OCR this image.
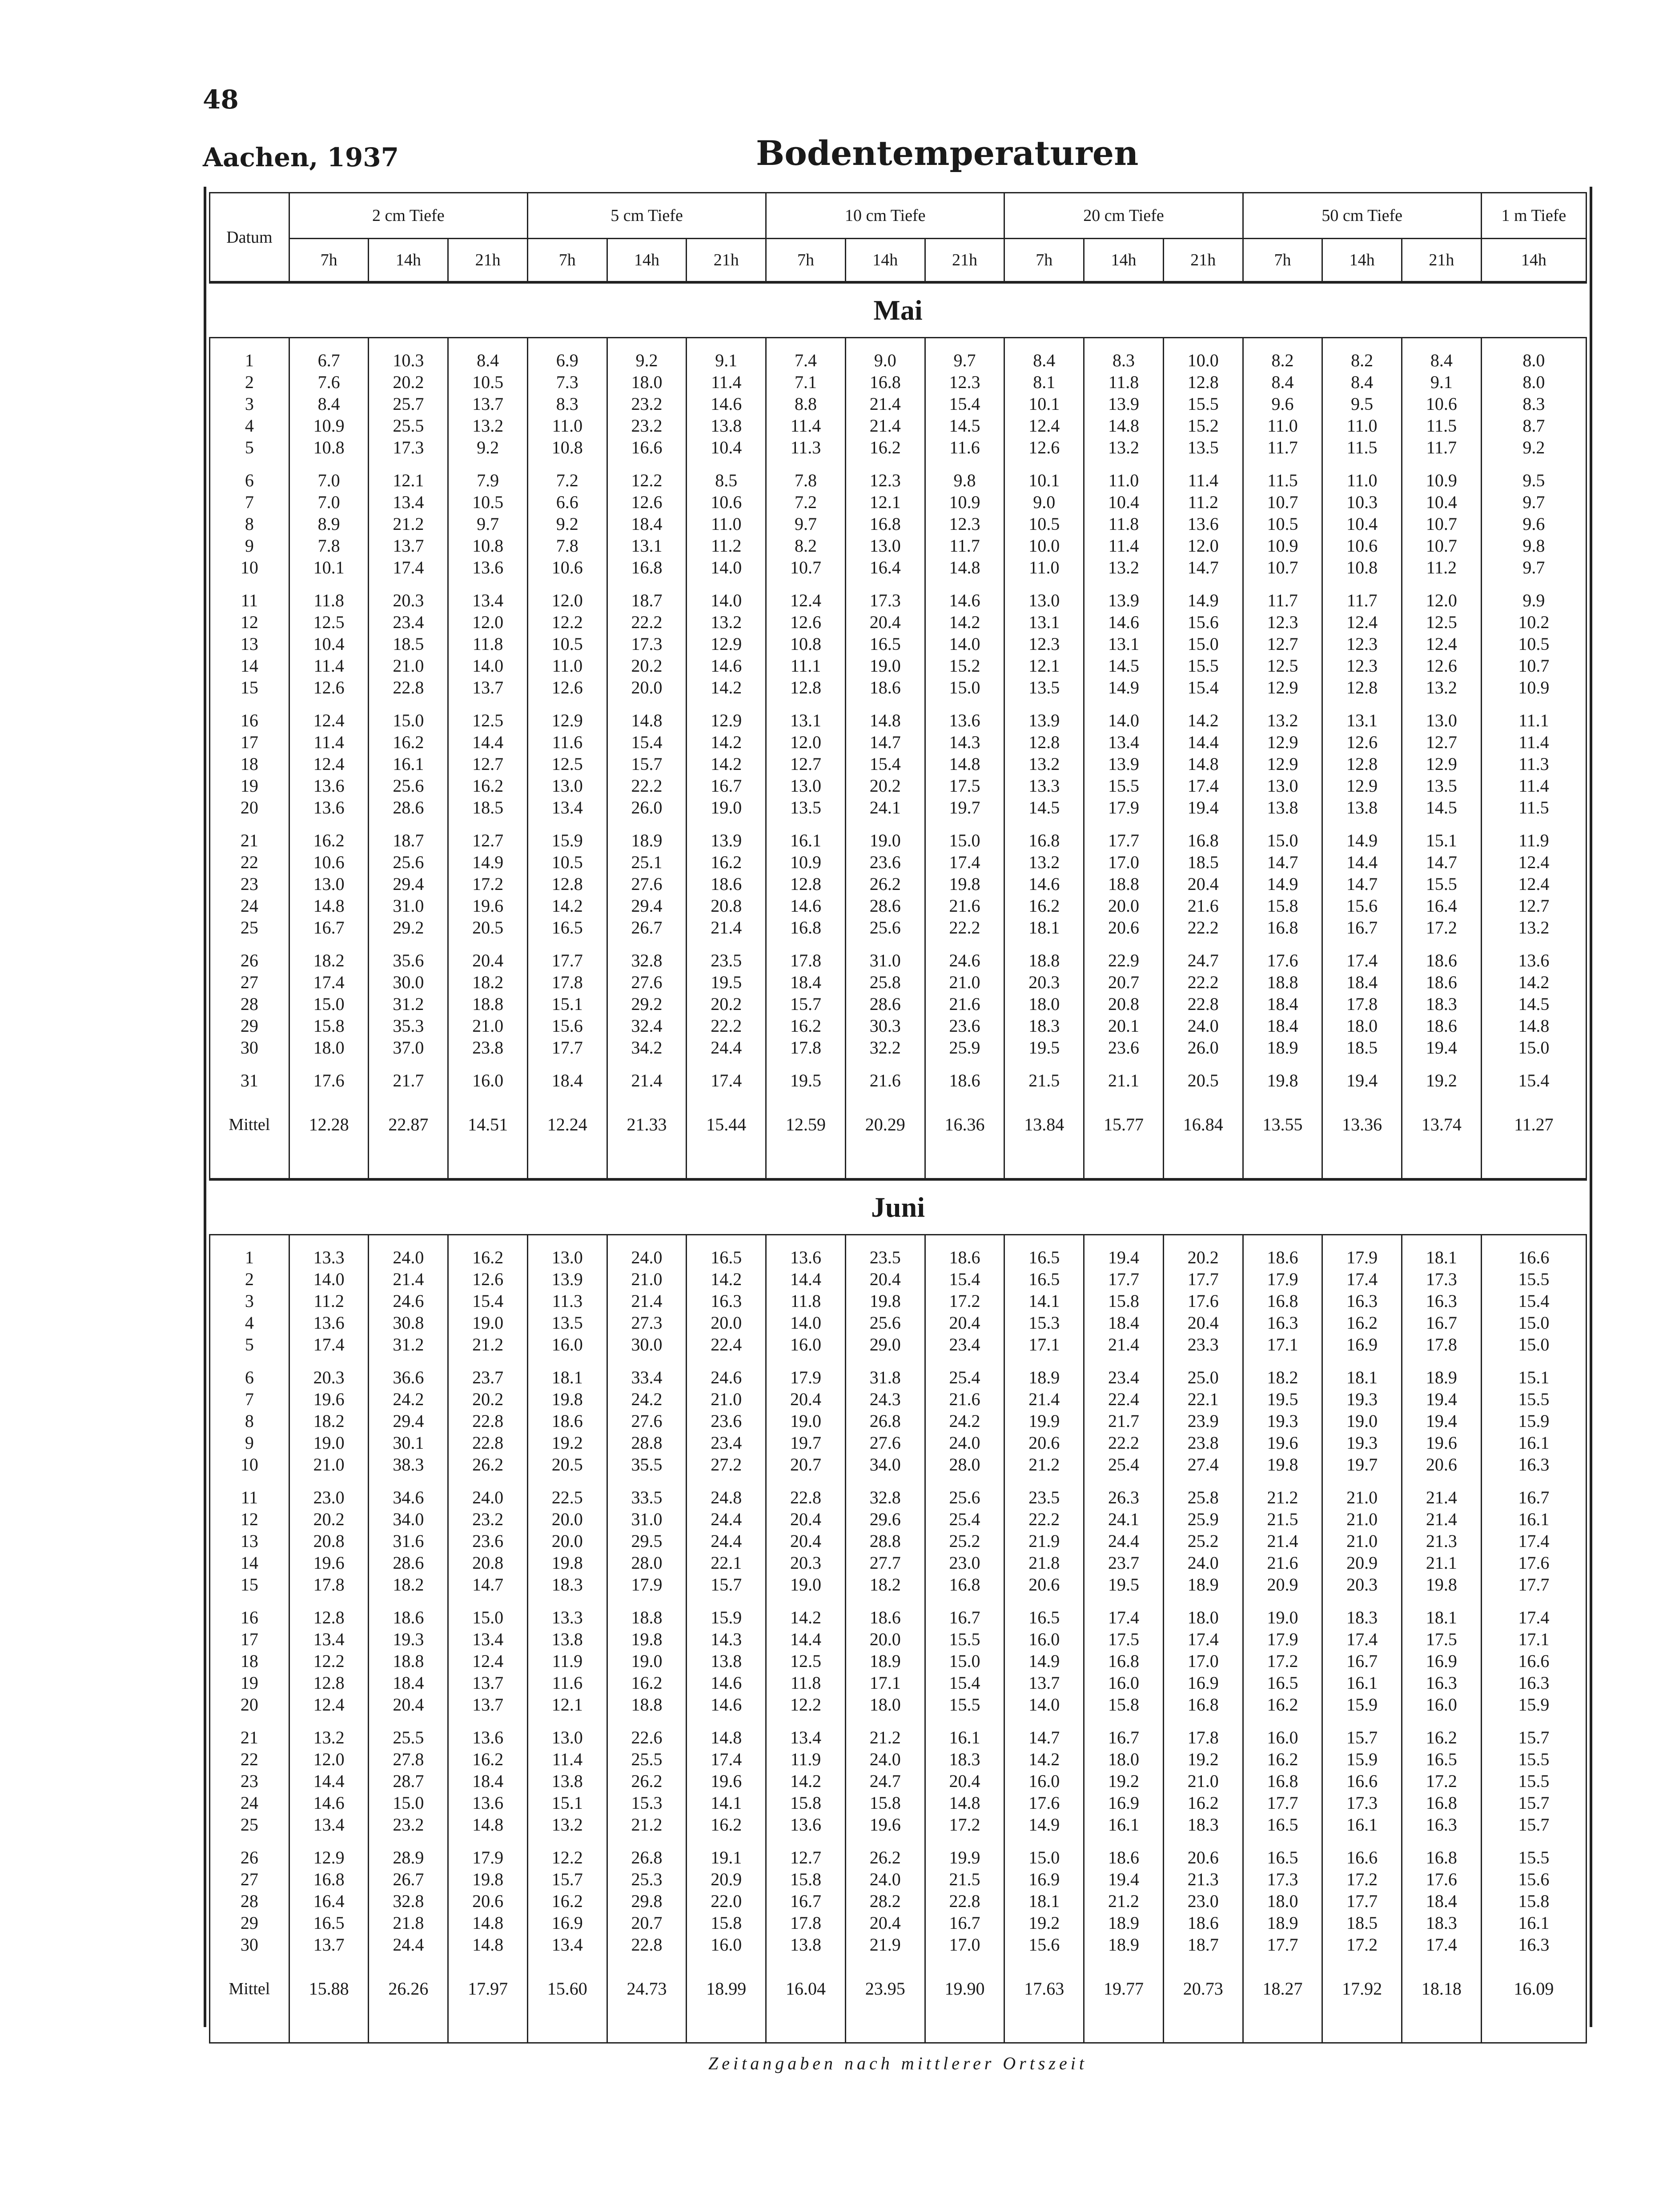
48
Aachen, 1937	Bodentemperaturen
Datum	2 cm Tiefe			5 cm Tiefe			10 cm Tiefe			20 cm Tiefe			50 cm Tiefe			1 m Tiefe
	7h	14h	21h	7h	14h	21h	7h	14h	21h	7h	14h	21h	7h	14h	21h	14h
Mai																

1	6.7	10.3	8.4	6.9	9.2	9.1	7.4	9.0	9.7	8.4	8.3	10.0	8.2	8.2	8.4	8.0
2	7.6	20.2	10.5	7.3	18.0	11.4	7.1	16.8	12.3	8.1	11.8	12.8	8.4	8.4	9.1	8.0
3	8.4	25.7	13.7	8.3	23.2	14.6	8.8	21.4	15.4	10.1	13.9	15.5	9.6	9.5	10.6	8.3
4	10.9	25.5	13.2	11.0	23.2	13.8	11.4	21.4	14.5	12.4	14.8	15.2	11.0	11.0	11.5	8.7
5	10.8	17.3	9.2	10.8	16.6	10.4	11.3	16.2	11.6	12.6	13.2	13.5	11.7	11.5	11.7	9.2

6	7.0	12.1	7.9	7.2	12.2	8.5	7.8	12.3	9.8	10.1	11.0	11.4	11.5	11.0	10.9	9.5
7	7.0	13.4	10.5	6.6	12.6	10.6	7.2	12.1	10.9	9.0	10.4	11.2	10.7	10.3	10.4	9.7
8	8.9	21.2	9.7	9.2	18.4	11.0	9.7	16.8	12.3	10.5	11.8	13.6	10.5	10.4	10.7	9.6
9	7.8	13.7	10.8	7.8	13.1	11.2	8.2	13.0	11.7	10.0	11.4	12.0	10.9	10.6	10.7	9.8
10	10.1	17.4	13.6	10.6	16.8	14.0	10.7	16.4	14.8	11.0	13.2	14.7	10.7	10.8	11.2	9.7

11	11.8	20.3	13.4	12.0	18.7	14.0	12.4	17.3	14.6	13.0	13.9	14.9	11.7	11.7	12.0	9.9
12	12.5	23.4	12.0	12.2	22.2	13.2	12.6	20.4	14.2	13.1	14.6	15.6	12.3	12.4	12.5	10.2
13	10.4	18.5	11.8	10.5	17.3	12.9	10.8	16.5	14.0	12.3	13.1	15.0	12.7	12.3	12.4	10.5
14	11.4	21.0	14.0	11.0	20.2	14.6	11.1	19.0	15.2	12.1	14.5	15.5	12.5	12.3	12.6	10.7
15	12.6	22.8	13.7	12.6	20.0	14.2	12.8	18.6	15.0	13.5	14.9	15.4	12.9	12.8	13.2	10.9

16	12.4	15.0	12.5	12.9	14.8	12.9	13.1	14.8	13.6	13.9	14.0	14.2	13.2	13.1	13.0	11.1
17	11.4	16.2	14.4	11.6	15.4	14.2	12.0	14.7	14.3	12.8	13.4	14.4	12.9	12.6	12.7	11.4
18	12.4	16.1	12.7	12.5	15.7	14.2	12.7	15.4	14.8	13.2	13.9	14.8	12.9	12.8	12.9	11.3
19	13.6	25.6	16.2	13.0	22.2	16.7	13.0	20.2	17.5	13.3	15.5	17.4	13.0	12.9	13.5	11.4
20	13.6	28.6	18.5	13.4	26.0	19.0	13.5	24.1	19.7	14.5	17.9	19.4	13.8	13.8	14.5	11.5

21	16.2	18.7	12.7	15.9	18.9	13.9	16.1	19.0	15.0	16.8	17.7	16.8	15.0	14.9	15.1	11.9
22	10.6	25.6	14.9	10.5	25.1	16.2	10.9	23.6	17.4	13.2	17.0	18.5	14.7	14.4	14.7	12.4
23	13.0	29.4	17.2	12.8	27.6	18.6	12.8	26.2	19.8	14.6	18.8	20.4	14.9	14.7	15.5	12.4
24	14.8	31.0	19.6	14.2	29.4	20.8	14.6	28.6	21.6	16.2	20.0	21.6	15.8	15.6	16.4	12.7
25	16.7	29.2	20.5	16.5	26.7	21.4	16.8	25.6	22.2	18.1	20.6	22.2	16.8	16.7	17.2	13.2

26	18.2	35.6	20.4	17.7	32.8	23.5	17.8	31.0	24.6	18.8	22.9	24.7	17.6	17.4	18.6	13.6
27	17.4	30.0	18.2	17.8	27.6	19.5	18.4	25.8	21.0	20.3	20.7	22.2	18.8	18.4	18.6	14.2
28	15.0	31.2	18.8	15.1	29.2	20.2	15.7	28.6	21.6	18.0	20.8	22.8	18.4	17.8	18.3	14.5
29	15.8	35.3	21.0	15.6	32.4	22.2	16.2	30.3	23.6	18.3	20.1	24.0	18.4	18.0	18.6	14.8
30	18.0	37.0	23.8	17.7	34.2	24.4	17.8	32.2	25.9	19.5	23.6	26.0	18.9	18.5	19.4	15.0

31	17.6	21.7	16.0	18.4	21.4	17.4	19.5	21.6	18.6	21.5	21.1	20.5	19.8	19.4	19.2	15.4

Mittel	12.28	22.87	14.51	12.24	21.33	15.44	12.59	20.29	16.36	13.84	15.77	16.84	13.55	13.36	13.74	11.27

Juni																

1	13.3	24.0	16.2	13.0	24.0	16.5	13.6	23.5	18.6	16.5	19.4	20.2	18.6	17.9	18.1	16.6
2	14.0	21.4	12.6	13.9	21.0	14.2	14.4	20.4	15.4	16.5	17.7	17.7	17.9	17.4	17.3	15.5
3	11.2	24.6	15.4	11.3	21.4	16.3	11.8	19.8	17.2	14.1	15.8	17.6	16.8	16.3	16.3	15.4
4	13.6	30.8	19.0	13.5	27.3	20.0	14.0	25.6	20.4	15.3	18.4	20.4	16.3	16.2	16.7	15.0
5	17.4	31.2	21.2	16.0	30.0	22.4	16.0	29.0	23.4	17.1	21.4	23.3	17.1	16.9	17.8	15.0

6	20.3	36.6	23.7	18.1	33.4	24.6	17.9	31.8	25.4	18.9	23.4	25.0	18.2	18.1	18.9	15.1
7	19.6	24.2	20.2	19.8	24.2	21.0	20.4	24.3	21.6	21.4	22.4	22.1	19.5	19.3	19.4	15.5
8	18.2	29.4	22.8	18.6	27.6	23.6	19.0	26.8	24.2	19.9	21.7	23.9	19.3	19.0	19.4	15.9
9	19.0	30.1	22.8	19.2	28.8	23.4	19.7	27.6	24.0	20.6	22.2	23.8	19.6	19.3	19.6	16.1
10	21.0	38.3	26.2	20.5	35.5	27.2	20.7	34.0	28.0	21.2	25.4	27.4	19.8	19.7	20.6	16.3

11	23.0	34.6	24.0	22.5	33.5	24.8	22.8	32.8	25.6	23.5	26.3	25.8	21.2	21.0	21.4	16.7
12	20.2	34.0	23.2	20.0	31.0	24.4	20.4	29.6	25.4	22.2	24.1	25.9	21.5	21.0	21.4	16.1
13	20.8	31.6	23.6	20.0	29.5	24.4	20.4	28.8	25.2	21.9	24.4	25.2	21.4	21.0	21.3	17.4
14	19.6	28.6	20.8	19.8	28.0	22.1	20.3	27.7	23.0	21.8	23.7	24.0	21.6	20.9	21.1	17.6
15	17.8	18.2	14.7	18.3	17.9	15.7	19.0	18.2	16.8	20.6	19.5	18.9	20.9	20.3	19.8	17.7

16	12.8	18.6	15.0	13.3	18.8	15.9	14.2	18.6	16.7	16.5	17.4	18.0	19.0	18.3	18.1	17.4
17	13.4	19.3	13.4	13.8	19.8	14.3	14.4	20.0	15.5	16.0	17.5	17.4	17.9	17.4	17.5	17.1
18	12.2	18.8	12.4	11.9	19.0	13.8	12.5	18.9	15.0	14.9	16.8	17.0	17.2	16.7	16.9	16.6
19	12.8	18.4	13.7	11.6	16.2	14.6	11.8	17.1	15.4	13.7	16.0	16.9	16.5	16.1	16.3	16.3
20	12.4	20.4	13.7	12.1	18.8	14.6	12.2	18.0	15.5	14.0	15.8	16.8	16.2	15.9	16.0	15.9

21	13.2	25.5	13.6	13.0	22.6	14.8	13.4	21.2	16.1	14.7	16.7	17.8	16.0	15.7	16.2	15.7
22	12.0	27.8	16.2	11.4	25.5	17.4	11.9	24.0	18.3	14.2	18.0	19.2	16.2	15.9	16.5	15.5
23	14.4	28.7	18.4	13.8	26.2	19.6	14.2	24.7	20.4	16.0	19.2	21.0	16.8	16.6	17.2	15.5
24	14.6	15.0	13.6	15.1	15.3	14.1	15.8	15.8	14.8	17.6	16.9	16.2	17.7	17.3	16.8	15.7
25	13.4	23.2	14.8	13.2	21.2	16.2	13.6	19.6	17.2	14.9	16.1	18.3	16.5	16.1	16.3	15.7

26	12.9	28.9	17.9	12.2	26.8	19.1	12.7	26.2	19.9	15.0	18.6	20.6	16.5	16.6	16.8	15.5
27	16.8	26.7	19.8	15.7	25.3	20.9	15.8	24.0	21.5	16.9	19.4	21.3	17.3	17.2	17.6	15.6
28	16.4	32.8	20.6	16.2	29.8	22.0	16.7	28.2	22.8	18.1	21.2	23.0	18.0	17.7	18.4	15.8
29	16.5	21.8	14.8	16.9	20.7	15.8	17.8	20.4	16.7	19.2	18.9	18.6	18.9	18.5	18.3	16.1
30	13.7	24.4	14.8	13.4	22.8	16.0	13.8	21.9	17.0	15.6	18.9	18.7	17.7	17.2	17.4	16.3

Mittel	15.88	26.26	17.97	15.60	24.73	18.99	16.04	23.95	19.90	17.63	19.77	20.73	18.27	17.92	18.18	16.09

Zeitangaben nach mittlerer Ortszeit																
